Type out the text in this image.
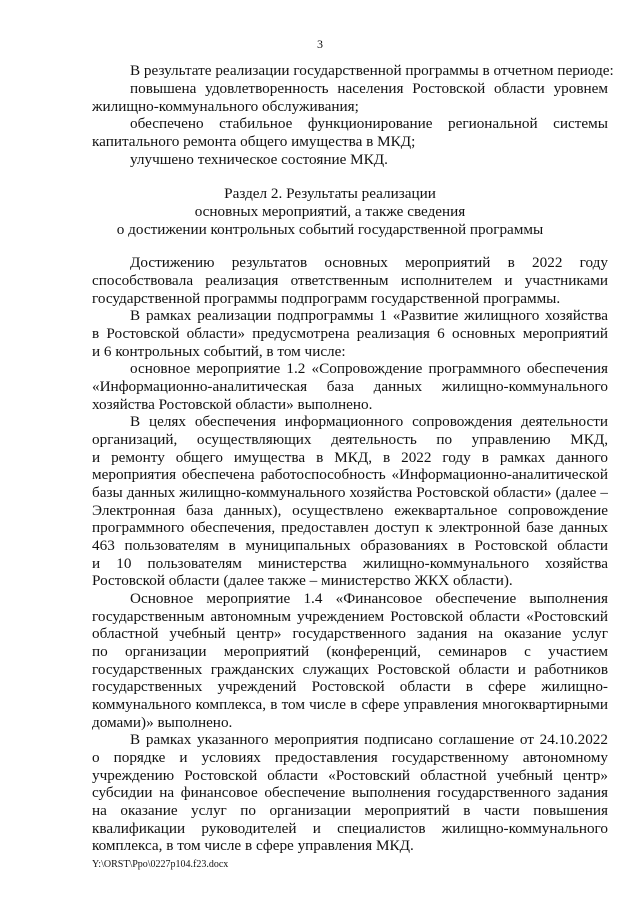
3
В результате реализации государственной программы в отчетном периоде:
повышена удовлетворенность населения Ростовской области уровнем
жилищно-коммунального обслуживания;
обеспечено стабильное функционирование региональной системы
капитального ремонта общего имущества в МКД;
улучшено техническое состояние МКД.
Раздел 2. Результаты реализации
основных мероприятий, а также сведения
о достижении контрольных событий государственной программы
Достижению результатов основных мероприятий в 2022 году
способствовала реализация ответственным исполнителем и участниками
государственной программы подпрограмм государственной программы.
В рамках реализации подпрограммы 1 «Развитие жилищного хозяйства
в Ростовской области» предусмотрена реализация 6 основных мероприятий
и 6 контрольных событий, в том числе:
основное мероприятие 1.2 «Сопровождение программного обеспечения
«Информационно-аналитическая база данных жилищно-коммунального
хозяйства Ростовской области» выполнено.
В целях обеспечения информационного сопровождения деятельности
организаций, осуществляющих деятельность по управлению МКД,
и ремонту общего имущества в МКД, в 2022 году в рамках данного
мероприятия обеспечена работоспособность «Информационно-аналитической
базы данных жилищно-коммунального хозяйства Ростовской области» (далее –
Электронная база данных), осуществлено ежеквартальное сопровождение
программного обеспечения, предоставлен доступ к электронной базе данных
463 пользователям в муниципальных образованиях в Ростовской области
и 10 пользователям министерства жилищно-коммунального хозяйства
Ростовской области (далее также – министерство ЖКХ области).
Основное мероприятие 1.4 «Финансовое обеспечение выполнения
государственным автономным учреждением Ростовской области «Ростовский
областной учебный центр» государственного задания на оказание услуг
по организации мероприятий (конференций, семинаров с участием
государственных гражданских служащих Ростовской области и работников
государственных учреждений Ростовской области в сфере жилищно-
коммунального комплекса, в том числе в сфере управления многоквартирными
домами)» выполнено.
В рамках указанного мероприятия подписано соглашение от 24.10.2022
о порядке и условиях предоставления государственному автономному
учреждению Ростовской области «Ростовский областной учебный центр»
субсидии на финансовое обеспечение выполнения государственного задания
на оказание услуг по организации мероприятий в части повышения
квалификации руководителей и специалистов жилищно-коммунального
комплекса, в том числе в сфере управления МКД.
Y:\ORST\Ppo\0227p104.f23.docx
